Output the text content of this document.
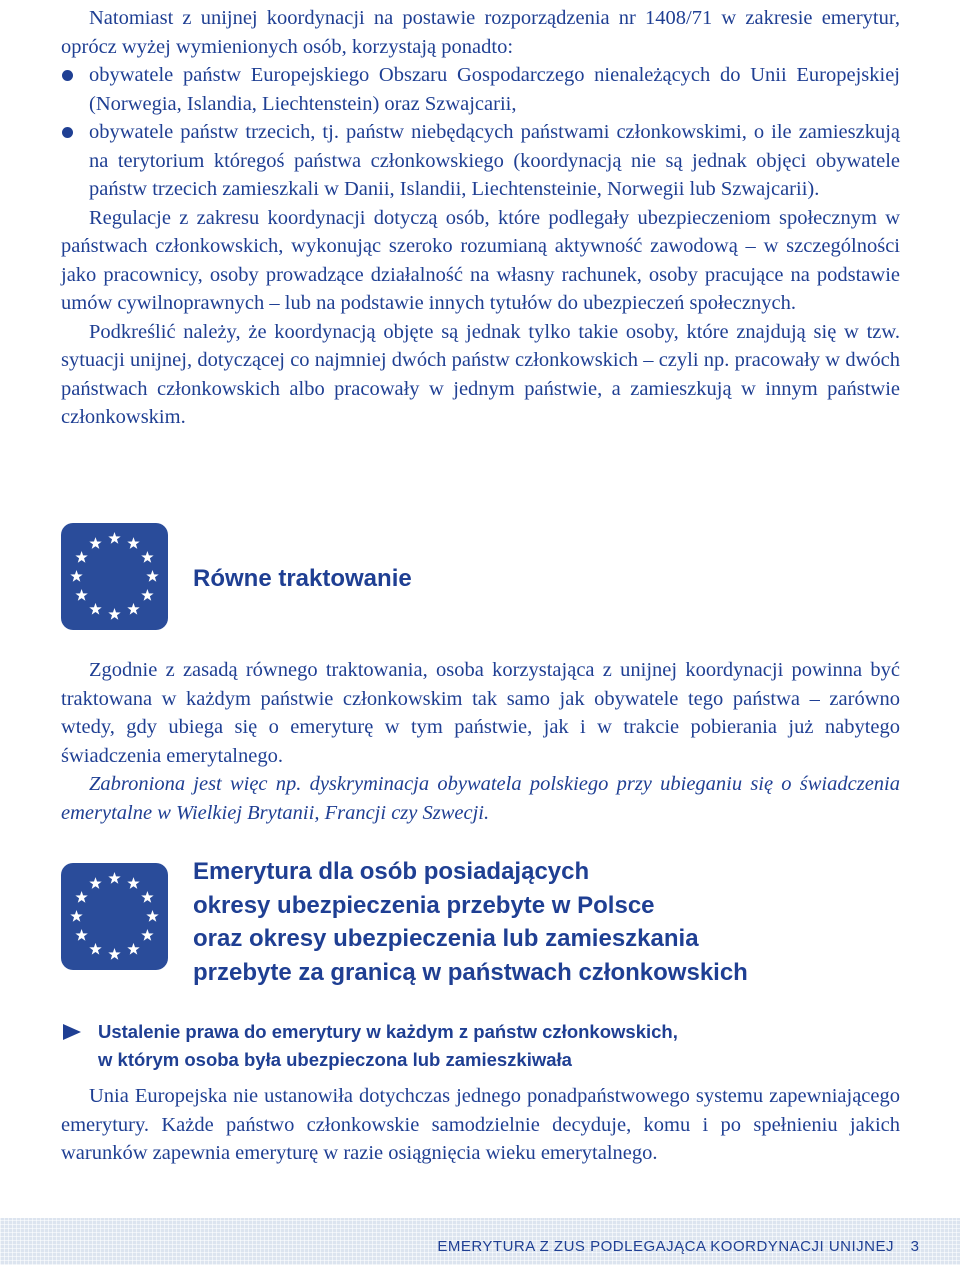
Natomiast z unijnej koordynacji na postawie rozporządzenia nr 1408/71 w zakresie emerytur, oprócz wyżej wymienionych osób, korzystają ponadto:

obywatele państw Europejskiego Obszaru Gospodarczego nienależących do Unii Europejskiej (Norwegia, Islandia, Liechtenstein) oraz Szwajcarii,
obywatele państw trzecich, tj. państw niebędących państwami członkowskimi, o ile zamieszkują na terytorium któregoś państwa członkowskiego (koordynacją nie są jednak objęci obywatele państw trzecich zamieszkali w Danii, Islandii, Liechtensteinie, Norwegii lub Szwajcarii).

Regulacje z zakresu koordynacji dotyczą osób, które podlegały ubezpieczeniom społecznym w państwach członkowskich, wykonując szeroko rozumianą aktywność zawodową – w szczególności jako pracownicy, osoby prowadzące działalność na własny rachunek, osoby pracujące na podstawie umów cywilnoprawnych – lub na podstawie innych tytułów do ubezpieczeń społecznych.

Podkreślić należy, że koordynacją objęte są jednak tylko takie osoby, które znajdują się w tzw. sytuacji unijnej, dotyczącej co najmniej dwóch państw członkowskich – czyli np. pracowały w dwóch państwach członkowskich albo pracowały w jednym państwie, a zamieszkują w innym państwie członkowskim.

Równe traktowanie

Zgodnie z zasadą równego traktowania, osoba korzystająca z unijnej koordynacji powinna być traktowana w każdym państwie członkowskim tak samo jak obywatele tego państwa – zarówno wtedy, gdy ubiega się o emeryturę w tym państwie, jak i w trakcie pobierania już nabytego świadczenia emerytalnego.

Zabroniona jest więc np. dyskryminacja obywatela polskiego przy ubieganiu się o świadczenia emerytalne w Wielkiej Brytanii, Francji czy Szwecji.

Emerytura dla osób posiadających
okresy ubezpieczenia przebyte w Polsce
oraz okresy ubezpieczenia lub zamieszkania
przebyte za granicą w państwach członkowskich
Ustalenie prawa do emerytury w każdym z państw członkowskich,
w którym osoba była ubezpieczona lub zamieszkiwała

Unia Europejska nie ustanowiła dotychczas jednego ponadpaństwowego systemu zapewniającego emerytury. Każde państwo członkowskie samodzielnie decyduje, komu i po spełnieniu jakich warunków zapewnia emeryturę w razie osiągnięcia wieku emerytalnego.

EMERYTURA Z ZUS PODLEGAJĄCA KOORDYNACJI UNIJNEJ 3
